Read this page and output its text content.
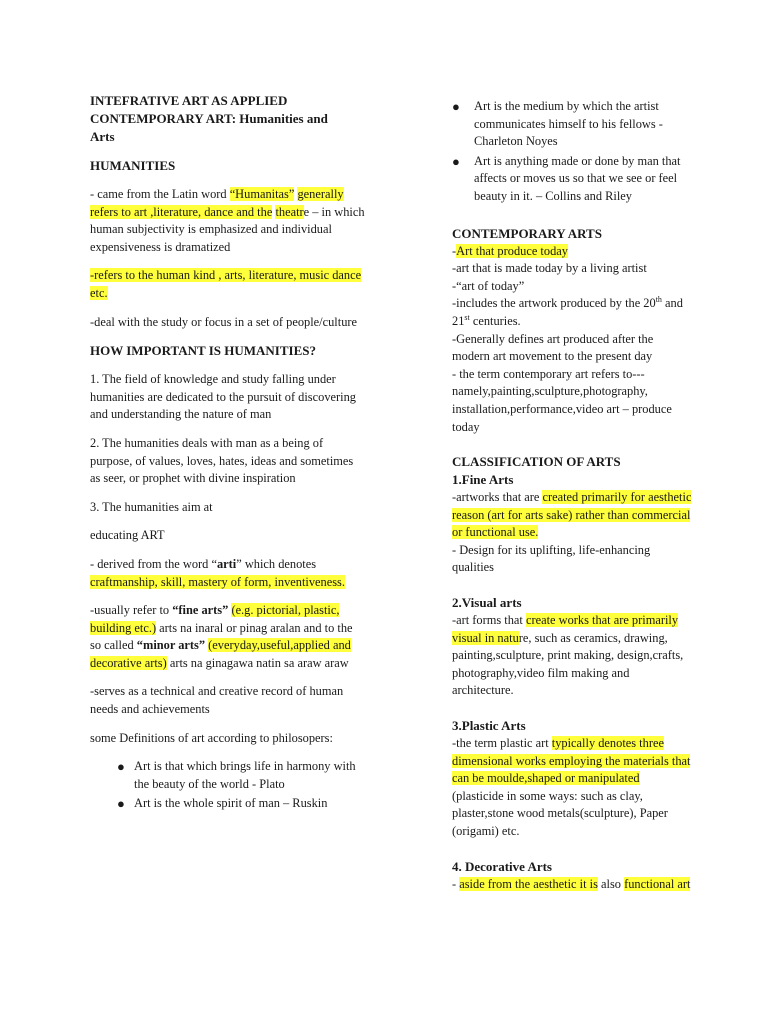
INTEFRATIVE ART AS APPLIED
CONTEMPORARY ART: Humanities and
Arts

HUMANITIES

- came from the Latin word “Humanitas” generally refers to art ,literature, dance and the theatre – in which human subjectivity is emphasized and individual expensiveness is dramatized

-refers to the human kind , arts, literature, music dance etc.

-deal with the study or focus in a set of people/culture

HOW IMPORTANT IS HUMANITIES?

1. The field of knowledge and study falling under humanities are dedicated to the pursuit of discovering and understanding the nature of man

2. The humanities deals with man as a being of purpose, of values, loves, hates, ideas and sometimes as seer, or prophet with divine inspiration

3. The humanities aim at

educating ART

- derived from the word “arti” which denotes craftmanship, skill, mastery of form, inventiveness.

-usually refer to “fine arts” (e.g. pictorial, plastic, building etc.) arts na inaral or pinag aralan and to the so called “minor arts” (everyday,useful,applied and decorative arts) arts na ginagawa natin sa araw araw

-serves as a technical and creative record of human needs and achievements

some Definitions of art according to philosopers:

● Art is that which brings life in harmony with the beauty of the world - Plato
● Art is the whole spirit of man – Ruskin
● Art is the medium by which the artist communicates himself to his fellows - Charleton Noyes
● Art is anything made or done by man that affects or moves us so that we see or feel beauty in it. – Collins and Riley

CONTEMPORARY ARTS

-Art that produce today

-art that is made today by a living artist

-“art of today”

-includes the artwork produced by the 20th and 21st centuries.

-Generally defines art produced after the modern art movement to the present day

- the term contemporary art refers to--- namely,painting,sculpture,photography, installation,performance,video art – produce today

CLASSIFICATION OF ARTS

1.Fine Arts

-artworks that are created primarily for aesthetic reason (art for arts sake) rather than commercial or functional use.

- Design for its uplifting, life-enhancing qualities

2.Visual arts

-art forms that create works that are primarily visual in nature, such as ceramics, drawing, painting,sculpture, print making, design,crafts, photography,video film making and architecture.

3.Plastic Arts

-the term plastic art typically denotes three dimensional works employing the materials that can be moulde,shaped or manipulated (plasticide in some ways: such as clay, plaster,stone wood metals(sculpture), Paper (origami) etc.

4. Decorative Arts

- aside from the aesthetic it is also functional art
